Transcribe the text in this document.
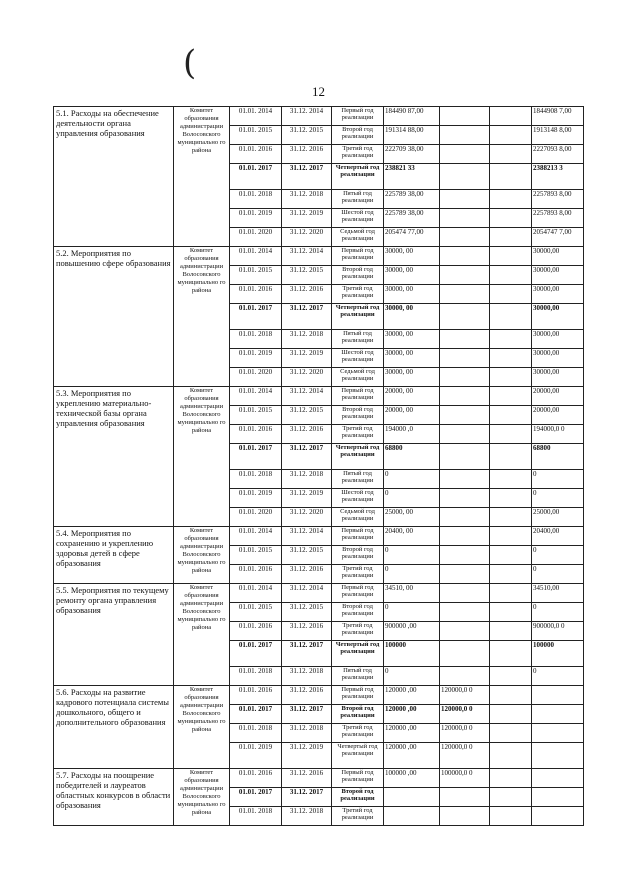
(
12
5.1. Расходы на обеспечение деятельности органа управления образования	Комитет образования администрации Волосовского муниципально го района	01.01. 2014	31.12. 2014	Первый год реализации	184490 87,00			1844908 7,00
		01.01. 2015	31.12. 2015	Второй год реализации	191314 88,00			1913148 8,00
		01.01. 2016	31.12. 2016	Третий год реализации	222709 38,00			2227093 8,00
		01.01. 2017	31.12. 2017	Четвертый год реализации	238821 33			2388213 3
		01.01. 2018	31.12. 2018	Пятый год реализации	225789 38,00			2257893 8,00
		01.01. 2019	31.12. 2019	Шестой год реализации	225789 38,00			2257893 8,00
		01.01. 2020	31.12. 2020	Седьмой год реализации	205474 77,00			2054747 7,00
5.2. Мероприятия по повышению сфере образования	Комитет образования администрации Волосовского муниципально го района	01.01. 2014	31.12. 2014	Первый год реализации	30000, 00			30000,00
		01.01. 2015	31.12. 2015	Второй год реализации	30000, 00			30000,00
		01.01. 2016	31.12. 2016	Третий год реализации	30000, 00			30000,00
		01.01. 2017	31.12. 2017	Четвертый год реализации	30000, 00			30000,00
		01.01. 2018	31.12. 2018	Пятый год реализации	30000, 00			30000,00
		01.01. 2019	31.12. 2019	Шестой год реализации	30000, 00			30000,00
		01.01. 2020	31.12. 2020	Седьмой год реализации	30000, 00			30000,00
5.3. Мероприятия по укреплению материально-технической базы органа управления образования	Комитет образования администрации Волосовского муниципально го района	01.01. 2014	31.12. 2014	Первый год реализации	20000, 00			20000,00
		01.01. 2015	31.12. 2015	Второй год реализации	20000, 00			20000,00
		01.01. 2016	31.12. 2016	Третий год реализации	194000 ,0			194000,0 0
		01.01. 2017	31.12. 2017	Четвертый год реализации	68800			68800
		01.01. 2018	31.12. 2018	Пятый год реализации	0			0
		01.01. 2019	31.12. 2019	Шестой год реализации	0			0
		01.01. 2020	31.12. 2020	Седьмой год реализации	25000, 00			25000,00
5.4. Мероприятия по сохранению и укреплению здоровья детей в сфере образования	Комитет образования администрации Волосовского муниципально го района	01.01. 2014	31.12. 2014	Первый год реализации	20400, 00			20400,00
		01.01. 2015	31.12. 2015	Второй год реализации	0			0
		01.01. 2016	31.12. 2016	Третий год реализации	0			0
5.5. Мероприятия по текущему ремонту органа управления образования	Комитет образования администрации Волосовского муниципально го района	01.01. 2014	31.12. 2014	Первый год реализации	34510, 00			34510,00
		01.01. 2015	31.12. 2015	Второй год реализации	0			0
		01.01. 2016	31.12. 2016	Третий год реализации	900000 ,00			900000,0 0
		01.01. 2017	31.12. 2017	Четвертый год реализации	100000			100000
		01.01. 2018	31.12. 2018	Пятый год реализации	0			0
5.6. Расходы на развитие кадрового потенциала системы дошкольного, общего и дополнительного образования	Комитет образования администрации Волосовского муниципально го района	01.01. 2016	31.12. 2016	Первый год реализации	120000 ,00	120000,0 0		
		01.01. 2017	31.12. 2017	Второй год реализации	120000 ,00	120000,0 0		
		01.01. 2018	31.12. 2018	Третий год реализации	120000 ,00	120000,0 0		
		01.01. 2019	31.12. 2019	Четвертый год реализации	120000 ,00	120000,0 0		
5.7. Расходы на поощрение победителей и лауреатов областных конкурсов в области образования	Комитет образования администрации Волосовского муниципально го района	01.01. 2016	31.12. 2016	Первый год реализации	100000 ,00	100000,0 0		
		01.01. 2017	31.12. 2017	Второй год реализации				
		01.01. 2018	31.12. 2018	Третий год реализации				
